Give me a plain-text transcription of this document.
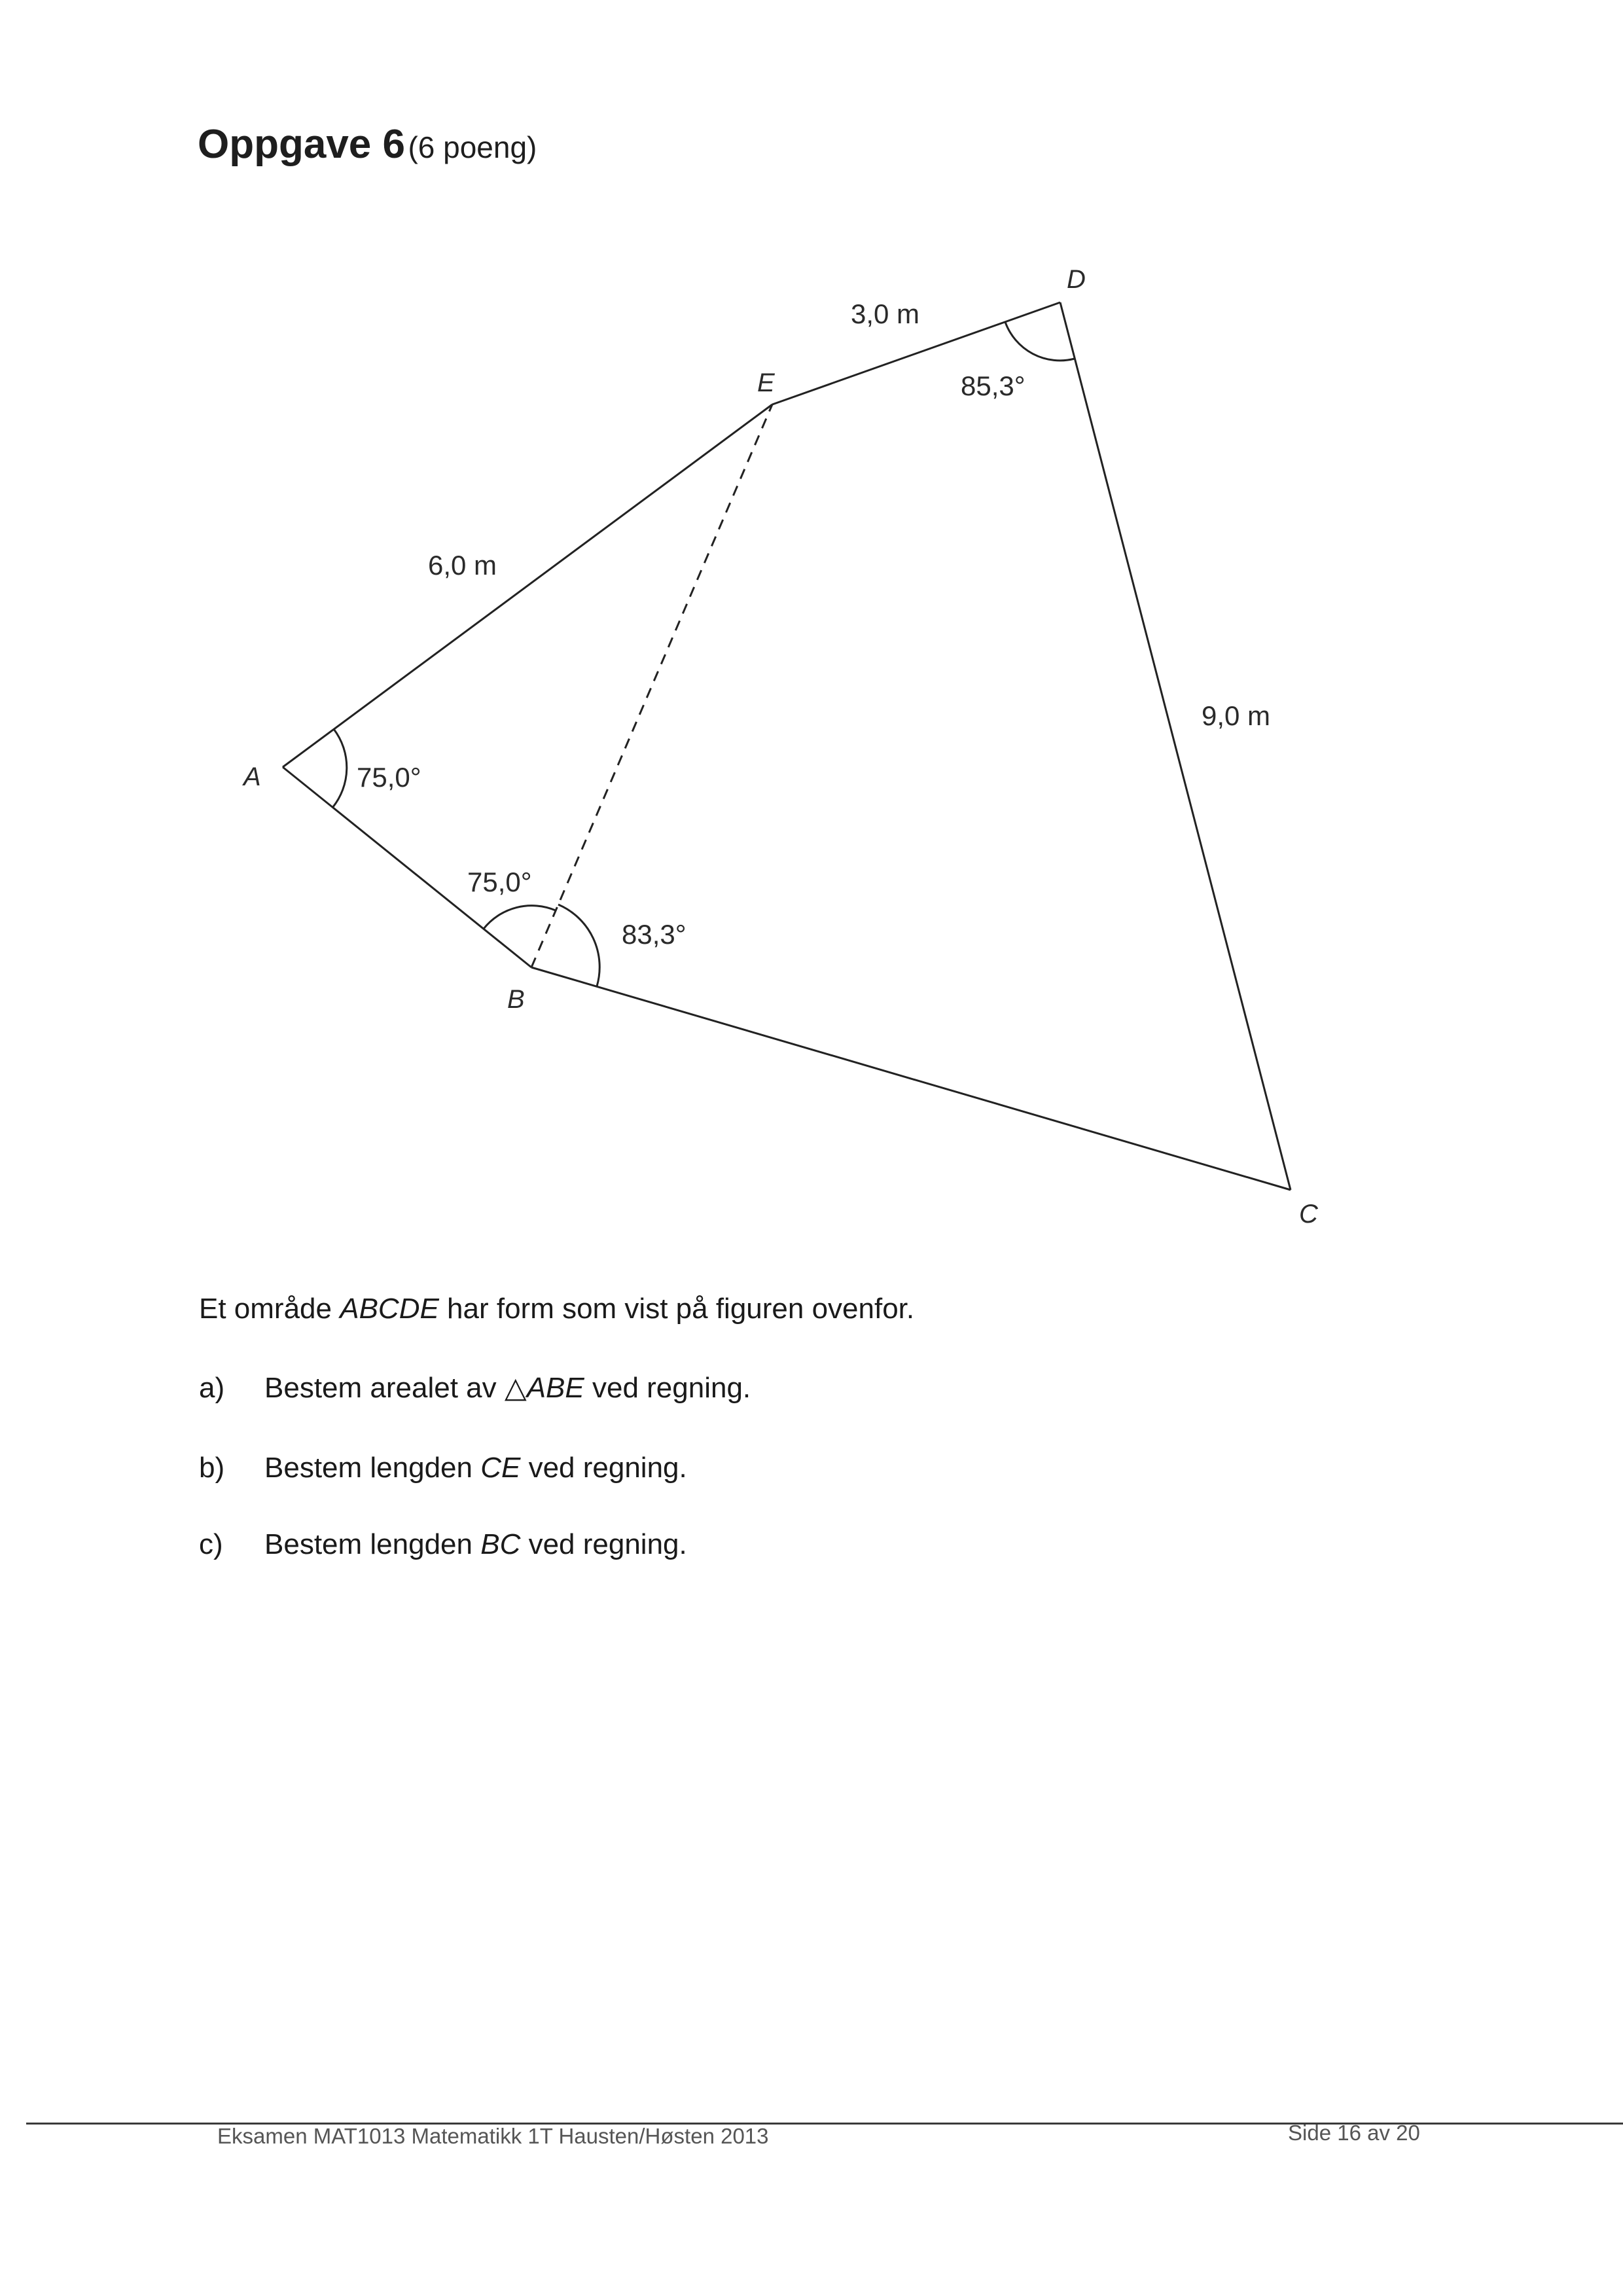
Oppgave 6 (6 poeng)
A
B
C
D
E
6,0 m
3,0 m
9,0 m
75,0°
75,0°
83,3°
85,3°
Et område ABCDE har form som vist på figuren ovenfor.
a) Bestem arealet av △ABE ved regning.
b) Bestem lengden CE ved regning.
c) Bestem lengden BC ved regning.
Eksamen MAT1013 Matematikk 1T Hausten/Høsten 2013	Side 16 av 20
